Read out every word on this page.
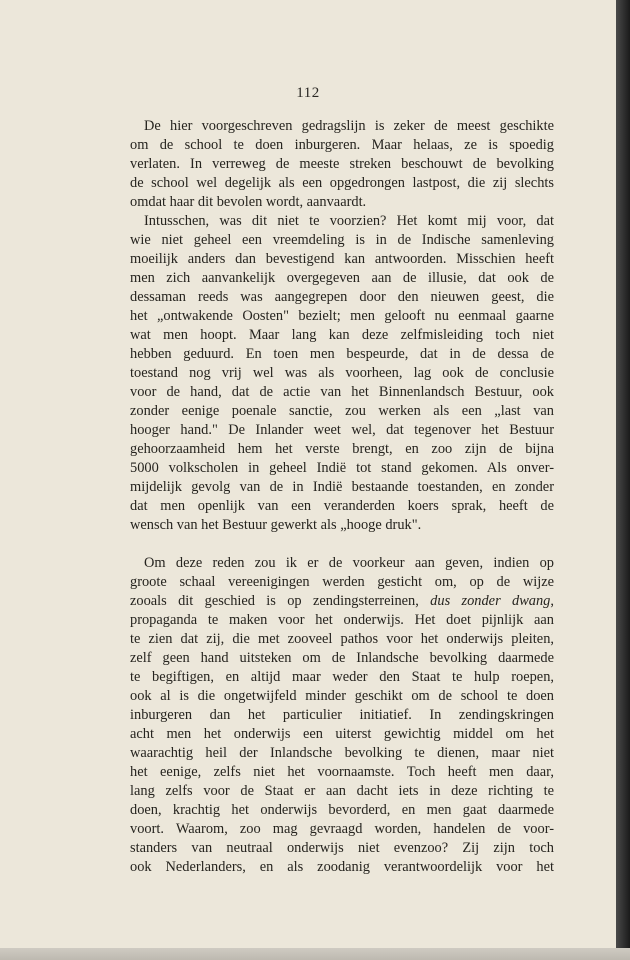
112
De hier voorgeschreven gedragslijn is zeker de meest geschikte
om de school te doen inburgeren. Maar helaas, ze is spoedig
verlaten. In verreweg de meeste streken beschouwt de bevolking
de school wel degelijk als een opgedrongen lastpost, die zij slechts
omdat haar dit bevolen wordt, aanvaardt.
Intusschen, was dit niet te voorzien? Het komt mij voor, dat
wie niet geheel een vreemdeling is in de Indische samenleving
moeilijk anders dan bevestigend kan antwoorden. Misschien heeft
men zich aanvankelijk overgegeven aan de illusie, dat ook de
dessaman reeds was aangegrepen door den nieuwen geest, die
het „ontwakende Oosten" bezielt; men gelooft nu eenmaal gaarne
wat men hoopt. Maar lang kan deze zelfmisleiding toch niet
hebben geduurd. En toen men bespeurde, dat in de dessa de
toestand nog vrij wel was als voorheen, lag ook de conclusie
voor de hand, dat de actie van het Binnenlandsch Bestuur, ook
zonder eenige poenale sanctie, zou werken als een „last van
hooger hand." De Inlander weet wel, dat tegenover het Bestuur
gehoorzaamheid hem het verste brengt, en zoo zijn de bijna
5000 volkscholen in geheel Indië tot stand gekomen. Als onver-
mijdelijk gevolg van de in Indië bestaande toestanden, en zonder
dat men openlijk van een veranderden koers sprak, heeft de
wensch van het Bestuur gewerkt als „hooge druk".
Om deze reden zou ik er de voorkeur aan geven, indien op
groote schaal vereenigingen werden gesticht om, op de wijze
zooals dit geschied is op zendingsterreinen, dus zonder dwang,
propaganda te maken voor het onderwijs. Het doet pijnlijk aan
te zien dat zij, die met zooveel pathos voor het onderwijs pleiten,
zelf geen hand uitsteken om de Inlandsche bevolking daarmede
te begiftigen, en altijd maar weder den Staat te hulp roepen,
ook al is die ongetwijfeld minder geschikt om de school te doen
inburgeren dan het particulier initiatief. In zendingskringen
acht men het onderwijs een uiterst gewichtig middel om het
waarachtig heil der Inlandsche bevolking te dienen, maar niet
het eenige, zelfs niet het voornaamste. Toch heeft men daar,
lang zelfs voor de Staat er aan dacht iets in deze richting te
doen, krachtig het onderwijs bevorderd, en men gaat daarmede
voort. Waarom, zoo mag gevraagd worden, handelen de voor-
standers van neutraal onderwijs niet evenzoo? Zij zijn toch
ook Nederlanders, en als zoodanig verantwoordelijk voor het
